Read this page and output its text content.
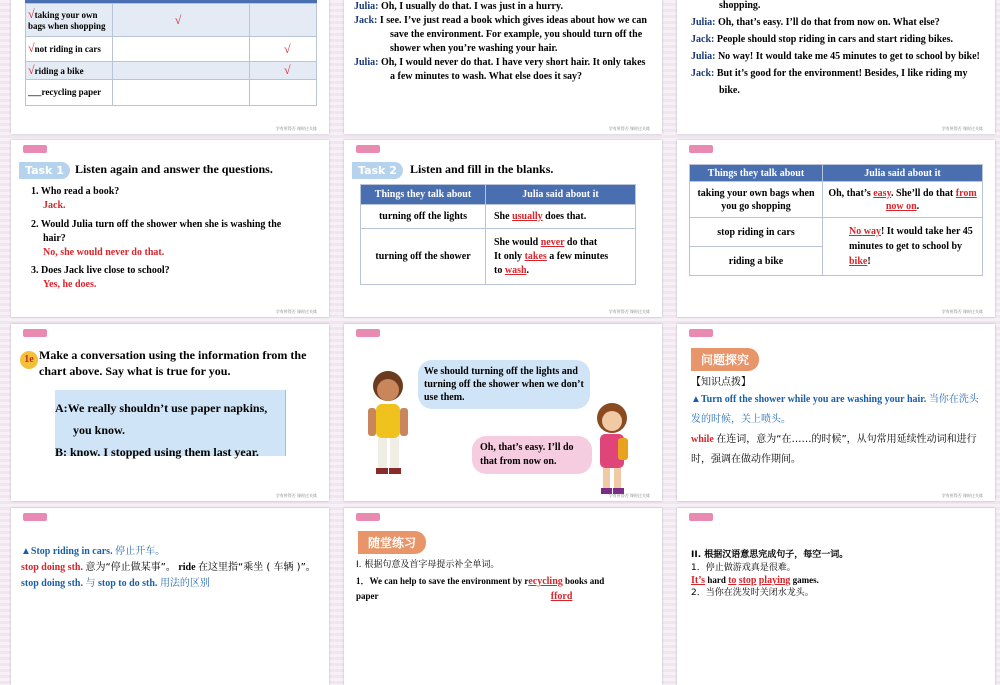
√taking your own bags when shopping	√	
√not riding in cars		√
√riding a bike		√
___recycling paper		
学有所得否 课时过关练
Julia: Oh, I usually do that. I was just in a hurry.
Jack: I see. I’ve just read a book which gives ideas about how we can save the environment. For example, you should turn off the shower when you’re washing your hair.
Julia: Oh, I would never do that. I have very short hair. It only takes a few minutes to wash. What else does it say?
学有所得否 课时过关练
shopping.
Julia: Oh, that’s easy. I’ll do that from now on. What else?
Jack: People should stop riding in cars and start riding bikes.
Julia: No way! It would take me 45 minutes to get to school by bike!
Jack: But it’s good for the environment! Besides, I like riding my bike.
学有所得否 课时过关练
Task 1 Listen again and answer the questions.
1. Who read a book?
Jack.
2. Would Julia turn off the shower when she is washing the hair?
No, she would never do that.
3. Does Jack live close to school?
Yes, he does.
学有所得否 课时过关练
Task 2	Listen and fill in the blanks.
Things they talk about	Julia said about it
turning off the lights	She usually does that.
turning off the shower	She would never do that
It only takes a few minutes
to wash.
学有所得否 课时过关练
Things they talk about	Julia said about it
taking your own bags when you go shopping	Oh, that’s easy. She’ll do that from now on.
stop riding in cars	No way! It would take her 45 minutes to get to school by bike!
riding a bike	
学有所得否 课时过关练
1e Make a conversation using the information from the chart above. Say what is true for you.
A:We really shouldn’t use paper napkins,
you know.
B: know. I stopped using them last year.
学有所得否 课时过关练
We should turning off the lights and turning off the shower when we don’t use them.
Oh, that’s easy. I’ll do that from now on.
学有所得否 课时过关练
问题探究
【知识点拨】
▲Turn off the shower while you are washing your hair. 当你在洗头发的时候，关上喷头。
while 在连词，意为“在……的时候”，从句常用延续性动词和进行时，强调在做动作期间。
学有所得否 课时过关练
▲Stop riding in cars. 停止开车。
stop doing sth. 意为“停止做某事”。 ride 在这里指“乘坐 ( 车辆 )”。
stop doing sth. 与 stop to do sth. 用法的区别
随堂练习
I. 根据句意及首字母提示补全单词。
1．We can help to save the environment by recycling books and
paper	fford
II. 根据汉语意思完成句子，每空一词。
1．停止做游戏真是很难。
It’s hard to stop playing games.
2．当你在洗发时关闭水龙头。
